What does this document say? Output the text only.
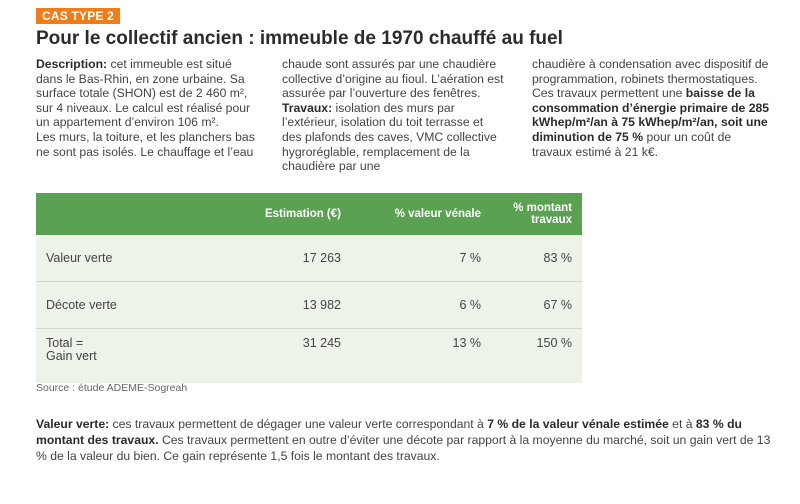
CAS TYPE 2
Pour le collectif ancien : immeuble de 1970 chauffé au fuel

Description: cet immeuble est situé dans le Bas-Rhin, en zone urbaine. Sa surface totale (SHON) est de 2 460 m², sur 4 niveaux. Le calcul est réalisé pour un appartement d’environ 106 m².

Les murs, la toiture, et les planchers bas ne sont pas isolés. Le chauffage et l’eau

chaude sont assurés par une chaudière collective d’origine au fioul. L’aération est assurée par l’ouverture des fenêtres.

Travaux: isolation des murs par l’extérieur, isolation du toit terrasse et des plafonds des caves, VMC collective hygroréglable, remplacement de la chaudière par une

chaudière à condensation avec dispositif de programmation, robinets thermostatiques. Ces travaux permettent une baisse de la consommation d’énergie primaire de 285 kWhep/m²/an à 75 kWhep/m²/an, soit une diminution de 75 % pour un coût de travaux estimé à 21 k€.

	Estimation (€)	% valeur vénale	% montant travaux
Valeur verte	17 263	7 %	83 %
Décote verte	13 982	6 %	67 %
Total =
Gain vert	31 245	13 %	150 %
Source : étude ADEME-Sogreah

Valeur verte: ces travaux permettent de dégager une valeur verte correspondant à 7 % de la valeur vénale estimée et à 83 % du montant des travaux. Ces travaux permettent en outre d’éviter une décote par rapport à la moyenne du marché, soit un gain vert de 13 % de la valeur du bien. Ce gain représente 1,5 fois le montant des travaux.
